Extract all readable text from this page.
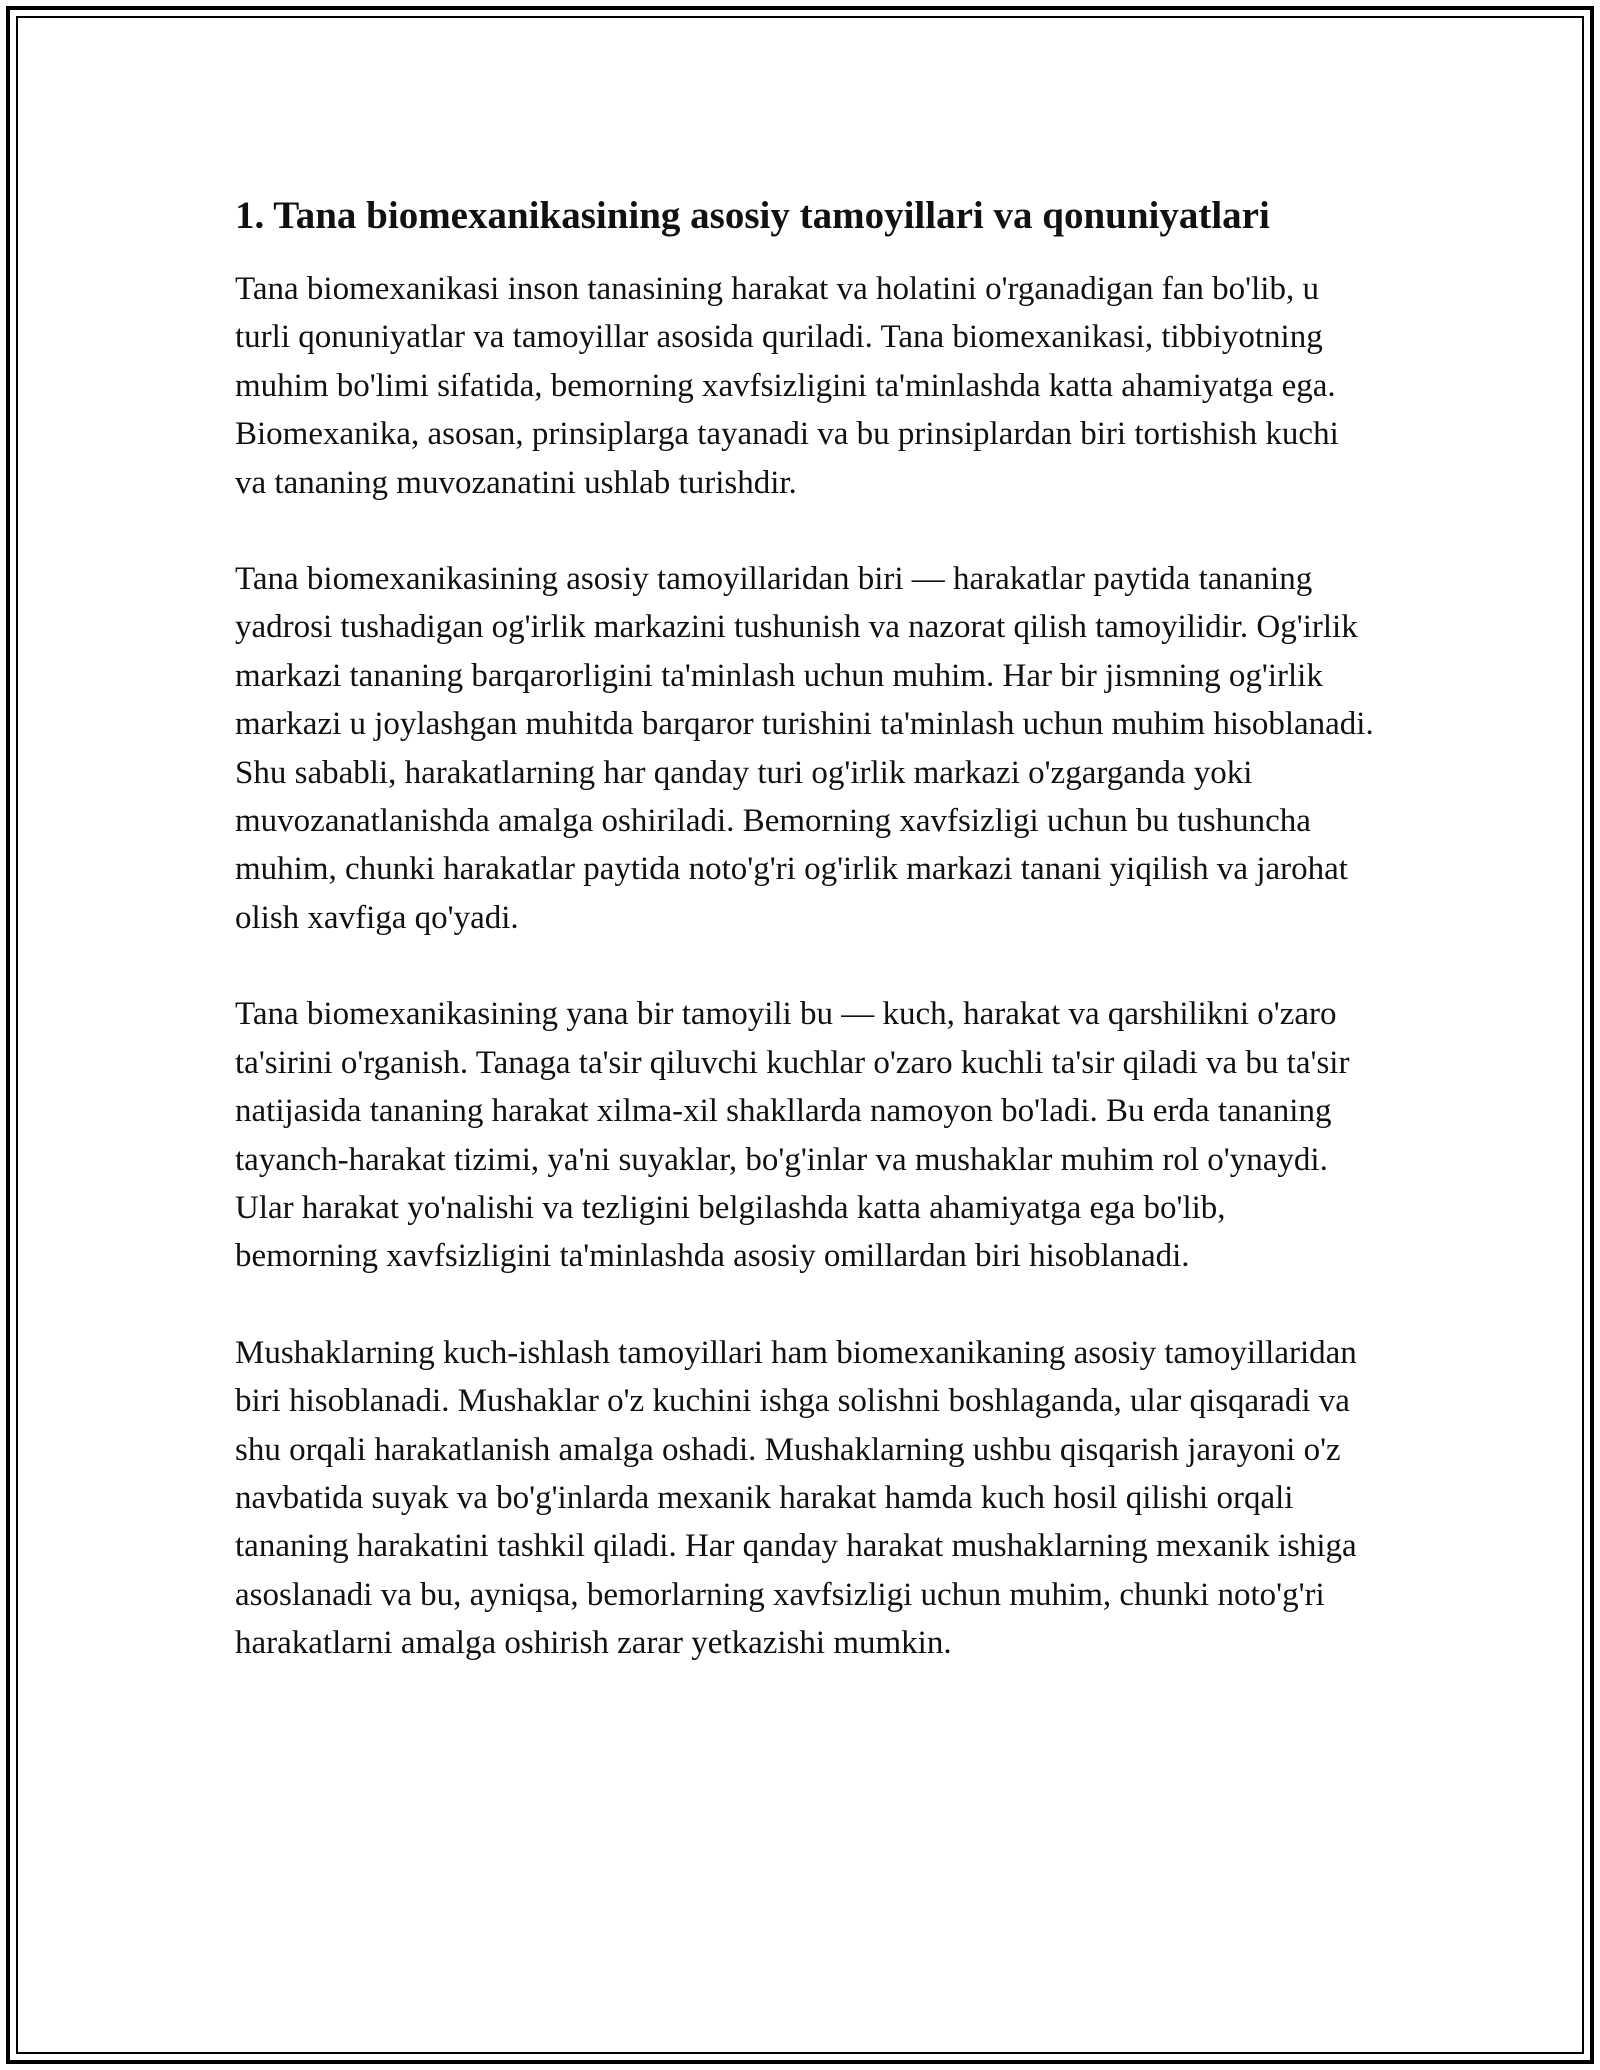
1. Tana biomexanikasining asosiy tamoyillari va qonuniyatlari

Tana biomexanikasi inson tanasining harakat va holatini o'rganadigan fan bo'lib, u turli qonuniyatlar va tamoyillar asosida quriladi. Tana biomexanikasi, tibbiyotning muhim bo'limi sifatida, bemorning xavfsizligini ta'minlashda katta ahamiyatga ega. Biomexanika, asosan, prinsiplarga tayanadi va bu prinsiplardan biri tortishish kuchi va tananing muvozanatini ushlab turishdir.

Tana biomexanikasining asosiy tamoyillaridan biri — harakatlar paytida tananing yadrosi tushadigan og'irlik markazini tushunish va nazorat qilish tamoyilidir. Og'irlik markazi tananing barqarorligini ta'minlash uchun muhim. Har bir jismning og'irlik markazi u joylashgan muhitda barqaror turishini ta'minlash uchun muhim hisoblanadi. Shu sababli, harakatlarning har qanday turi og'irlik markazi o'zgarganda yoki muvozanatlanishda amalga oshiriladi. Bemorning xavfsizligi uchun bu tushuncha muhim, chunki harakatlar paytida noto'g'ri og'irlik markazi tanani yiqilish va jarohat olish xavfiga qo'yadi.

Tana biomexanikasining yana bir tamoyili bu — kuch, harakat va qarshilikni o'zaro ta'sirini o'rganish. Tanaga ta'sir qiluvchi kuchlar o'zaro kuchli ta'sir qiladi va bu ta'sir natijasida tananing harakat xilma-xil shakllarda namoyon bo'ladi. Bu erda tananing tayanch-harakat tizimi, ya'ni suyaklar, bo'g'inlar va mushaklar muhim rol o'ynaydi. Ular harakat yo'nalishi va tezligini belgilashda katta ahamiyatga ega bo'lib, bemorning xavfsizligini ta'minlashda asosiy omillardan biri hisoblanadi.

Mushaklarning kuch-ishlash tamoyillari ham biomexanikaning asosiy tamoyillaridan biri hisoblanadi. Mushaklar o'z kuchini ishga solishni boshlaganda, ular qisqaradi va shu orqali harakatlanish amalga oshadi. Mushaklarning ushbu qisqarish jarayoni o'z navbatida suyak va bo'g'inlarda mexanik harakat hamda kuch hosil qilishi orqali tananing harakatini tashkil qiladi. Har qanday harakat mushaklarning mexanik ishiga asoslanadi va bu, ayniqsa, bemorlarning xavfsizligi uchun muhim, chunki noto'g'ri harakatlarni amalga oshirish zarar yetkazishi mumkin.
